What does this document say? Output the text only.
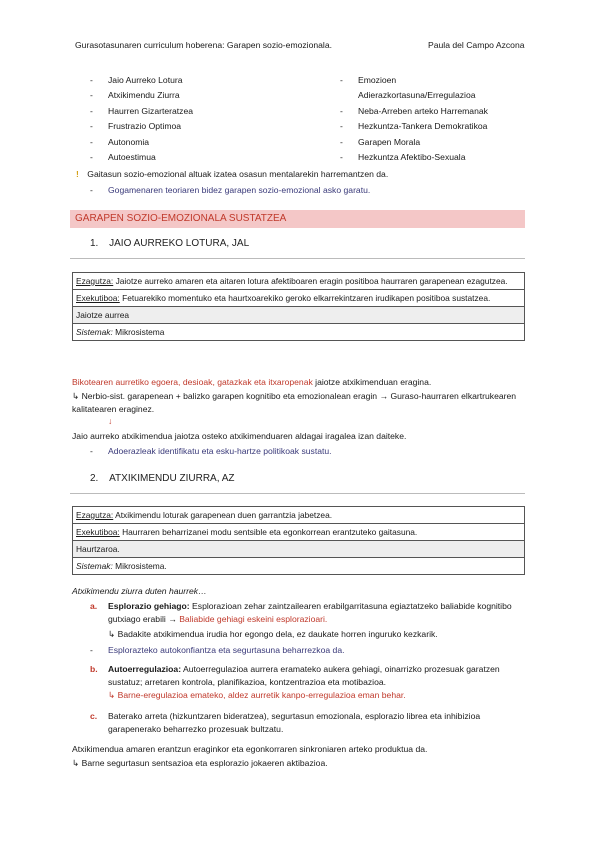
Gurasotasunaren curriculum hoberena: Garapen sozio-emozionala.	Paula del Campo Azcona
-	Jaio Aurreko Lotura
-	Atxikimendu Ziurra
-	Haurren Gizarteratzea
-	Frustrazio Optimoa
-	Autonomia
-	Autoestimua
-	Emozioen
Adierazkortasuna/Erregulazioa
-	Neba-Arreben arteko Harremanak
-	Hezkuntza-Tankera Demokratikoa
-	Garapen Morala
-	Hezkuntza Afektibo-Sexuala
! Gaitasun sozio-emozional altuak izatea osasun mentalarekin harremantzen da.
- Gogamenaren teoriaren bidez garapen sozio-emozional asko garatu.
GARAPEN SOZIO-EMOZIONALA SUSTATZEA
1. JAIO AURREKO LOTURA, JAL
Ezagutza: Jaiotze aurreko amaren eta aitaren lotura afektiboaren eragin positiboa haurraren garapenean ezagutzea.
Exekutiboa: Fetuarekiko momentuko eta haurtxoarekiko geroko elkarrekintzaren irudikapen positiboa sustatzea.
Jaiotze aurrea
Sistemak: Mikrosistema
Bikotearen aurretiko egoera, desioak, gatazkak eta itxaropenak jaiotze atxikimenduan eragina.
↳ Nerbio-sist. garapenean + balizko garapen kognitibo eta emozionalean eragin → Guraso-haurraren elkartrukearen kalitatearen eraginez.
↓
Jaio aurreko atxikimendua jaiotza osteko atxikimenduaren aldagai iragalea izan daiteke.
- Adoerazleak identifikatu eta esku-hartze politikoak sustatu.
2. ATXIKIMENDU ZIURRA, AZ
Ezagutza: Atxikimendu loturak garapenean duen garrantzia jabetzea.
Exekutiboa: Haurraren beharrizanei modu sentsible eta egonkorrean erantzuteko gaitasuna.
Haurtzaroa.
Sistemak: Mikrosistema.
Atxikimendu ziurra duten haurrek…
a. Esplorazio gehiago: Esplorazioan zehar zaintzailearen erabilgarritasuna egiaztatzeko baliabide kognitibo gutxiago erabili → Baliabide gehiagi eskeini esplorazioari.
↳ Badakite atxikimendua irudia hor egongo dela, ez daukate horren inguruko kezkarik.
- Esplorazteko autokonfiantza eta segurtasuna beharrezkoa da.
b. Autoerregulazioa: Autoerregulazioa aurrera eramateko aukera gehiagi, oinarrizko prozesuak garatzen sustatuz; arretaren kontrola, planifikazioa, kontzentrazioa eta motibazioa.
↳ Barne-eregulazioa emateko, aldez aurretik kanpo-erregulazioa eman behar.
c. Baterako arreta (hizkuntzaren bideratzea), segurtasun emozionala, esplorazio librea eta inhibizioa garapenerako beharrezko prozesuak bultzatu.
Atxikimendua amaren erantzun eraginkor eta egonkorraren sinkroniaren arteko produktua da.
↳ Barne segurtasun sentsazioa eta esplorazio jokaeren aktibazioa.
